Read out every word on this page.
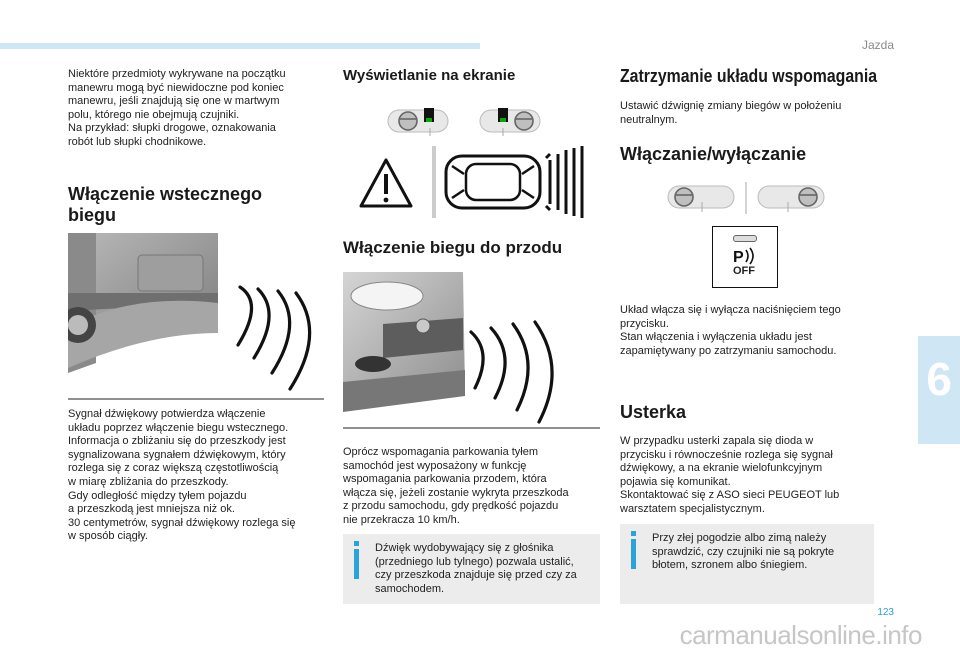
Jazda
6
123
carmanualsonline.info

Niektóre przedmioty wykrywane na początku
manewru mogą być niewidoczne pod koniec
manewru, jeśli znajdują się one w martwym
polu, którego nie obejmują czujniki.
Na przykład: słupki drogowe, oznakowania
robót lub słupki chodnikowe.

Włączenie wstecznego
biegu

Sygnał dźwiękowy potwierdza włączenie
układu poprzez włączenie biegu wstecznego.
Informacja o zbliżaniu się do przeszkody jest
sygnalizowana sygnałem dźwiękowym, który
rozlega się z coraz większą częstotliwością
w miarę zbliżania do przeszkody.
Gdy odległość między tyłem pojazdu
a przeszkodą jest mniejsza niż ok.
30 centymetrów, sygnał dźwiękowy rozlega się
w sposób ciągły.

Wyświetlanie na ekranie
Włączenie biegu do przodu

Oprócz wspomagania parkowania tyłem
samochód jest wyposażony w funkcję
wspomagania parkowania przodem, która
włącza się, jeżeli zostanie wykryta przeszkoda
z przodu samochodu, gdy prędkość pojazdu
nie przekracza 10 km/h.

Dźwięk wydobywający się z głośnika
(przedniego lub tylnego) pozwala ustalić,
czy przeszkoda znajduje się przed czy za
samochodem.

Zatrzymanie układu wspomagania

Ustawić dźwignię zmiany biegów w położeniu
neutralnym.

Włączanie/wyłączanie
P
OFF

Układ włącza się i wyłącza naciśnięciem tego
przycisku.
Stan włączenia i wyłączenia układu jest
zapamiętywany po zatrzymaniu samochodu.

Usterka

W przypadku usterki zapala się dioda w
przycisku i równocześnie rozlega się sygnał
dźwiękowy, a na ekranie wielofunkcyjnym
pojawia się komunikat.
Skontaktować się z ASO sieci PEUGEOT lub
warsztatem specjalistycznym.

Przy złej pogodzie albo zimą należy
sprawdzić, czy czujniki nie są pokryte
błotem, szronem albo śniegiem.
